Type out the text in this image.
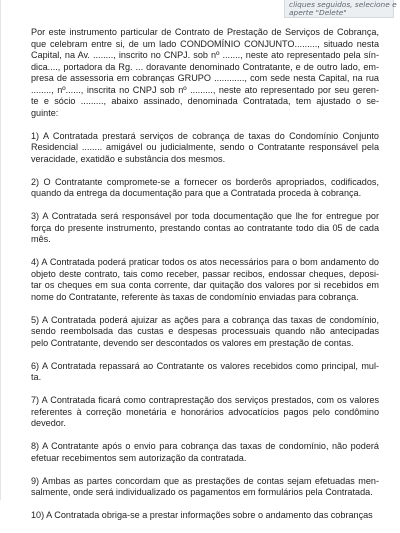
cliques seguidos, selecione e
aperte "Delete"
Por este instrumento particular de Contrato de Prestação de Serviços de Cobrança,
que celebram entre si, de um lado CONDOMÍNIO CONJUNTO........., situado nesta
Capital, na Av. ........, inscrito no CNPJ. sob nº ......., neste ato representado pela sín-
dica...., portadora da Rg. ... doravante denominado Contratante, e de outro lado, em-
presa de assessoria em cobranças GRUPO ............, com sede nesta Capital, na rua
........, nº......, inscrita no CNPJ sob nº ........., neste ato representado por seu geren-
te e sócio ........., abaixo assinado, denominada Contratada, tem ajustado o se-
guinte:
1) A Contratada prestará serviços de cobrança de taxas do Condomínio Conjunto
Residencial ........ amigável ou judicialmente, sendo o Contratante responsável pela
veracidade, exatidão e substância dos mesmos.
2) O Contratante compromete-se a fornecer os borderôs apropriados, codificados,
quando da entrega da documentação para que a Contratada proceda à cobrança.
3) A Contratada será responsável por toda documentação que lhe for entregue por
força do presente instrumento, prestando contas ao contratante todo dia 05 de cada
mês.
4) A Contratada poderá praticar todos os atos necessários para o bom andamento do
objeto deste contrato, tais como receber, passar recibos, endossar cheques, deposi-
tar os cheques em sua conta corrente, dar quitação dos valores por si recebidos em
nome do Contratante, referente às taxas de condomínio enviadas para cobrança.
5) A Contratada poderá ajuizar as ações para a cobrança das taxas de condomínio,
sendo reembolsada das custas e despesas processuais quando não antecipadas
pelo Contratante, devendo ser descontados os valores em prestação de contas.
6) A Contratada repassará ao Contratante os valores recebidos como principal, mul-
ta.
7) A Contratada ficará como contraprestação dos serviços prestados, com os valores
referentes à correção monetária e honorários advocatícios pagos pelo condômino
devedor.
8) A Contratante após o envio para cobrança das taxas de condomínio, não poderá
efetuar recebimentos sem autorização da contratada.
9) Ambas as partes concordam que as prestações de contas sejam efetuadas men-
salmente, onde será individualizado os pagamentos em formulários pela Contratada.
10) A Contratada obriga-se a prestar informações sobre o andamento das cobranças
